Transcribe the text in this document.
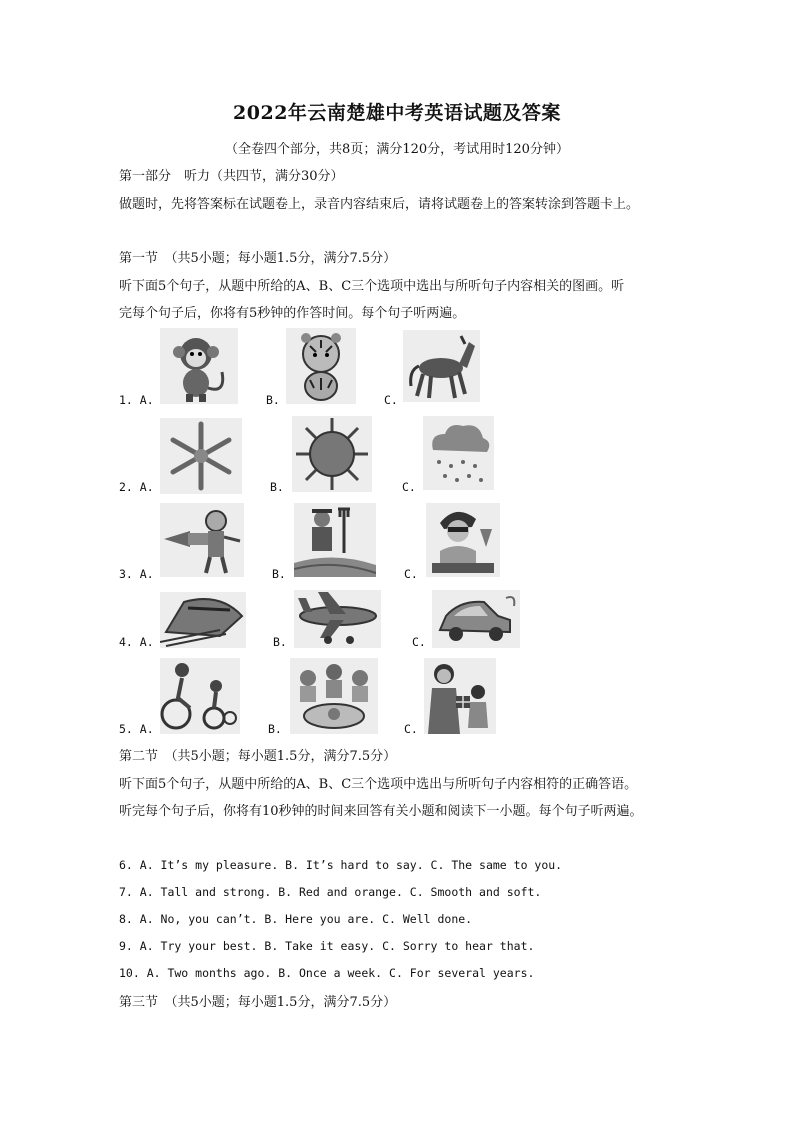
2022年云南楚雄中考英语试题及答案
（全卷四个部分，共8页；满分120分，考试用时120分钟）
第一部分　听力（共四节，满分30分）
做题时，先将答案标在试题卷上，录音内容结束后，请将试题卷上的答案转涂到答题卡上。
第一节　（共5小题；每小题1.5分，满分7.5分）
听下面5个句子，从题中所给的A、B、C三个选项中选出与所听句子内容相关的图画。听
完每个句子后，你将有5秒钟的作答时间。每个句子听两遍。
1. A.	B.	C.
2. A.	B.	C.
3. A.	B.	C.
4. A.	B.	C.
5. A.	B.	C.
第二节　（共5小题；每小题1.5分，满分7.5分）
听下面5个句子，从题中所给的A、B、C三个选项中选出与所听句子内容相符的正确答语。
听完每个句子后，你将有10秒钟的时间来回答有关小题和阅读下一小题。每个句子听两遍。
6. A. It’s my pleasure. B. It’s hard to say. C. The same to you.
7. A. Tall and strong. B. Red and orange. C. Smooth and soft.
8. A. No, you can’t. B. Here you are. C. Well done.
9. A. Try your best. B. Take it easy. C. Sorry to hear that.
10. A. Two months ago. B. Once a week. C. For several years.
第三节　（共5小题；每小题1.5分，满分7.5分）
